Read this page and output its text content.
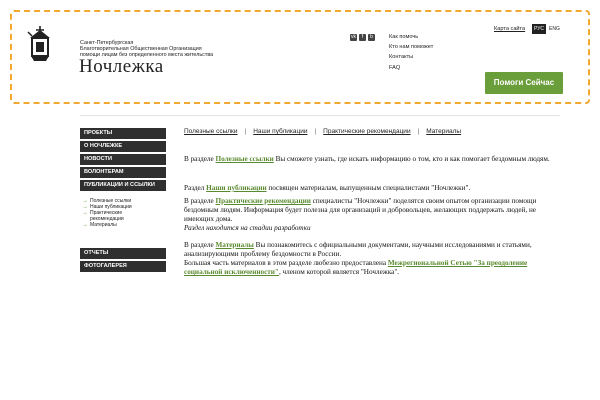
Санкт-Петербургская
Благотворительная Общественная Организация
помощи лицам без определенного места жительства
Ночлежка
vk	f	b	Как помочь
Кто нам поможет
Контакты
FAQ
Карта сайта	РУС	ENG
Помоги Сейчас
ПРОЕКТЫ
О НОЧЛЕЖКЕ
НОВОСТИ
ВОЛОНТЕРАМ
ПУБЛИКАЦИИ И ССЫЛКИ
→ Полезные ссылки
→ Наши публикации
→ Практические рекомендации
→ Материалы
ОТЧЕТЫ
ФОТОГАЛЕРЕЯ
Полезные ссылки | Наши публикации | Практические рекомендации | Материалы
В разделе Полезные ссылки Вы сможете узнать, где искать информацию о том, кто и как помогает бездомным людям.
Раздел Наши публикации посвящен материалам, выпущенным специалистами "Ночлежки".
В разделе Практические рекомендации специалисты "Ночлежки" поделятся своим опытом организации помощи бездомным людям. Информация будет полезна для организаций и добровольцев, желающих поддержать людей, не имеющих дома.
Раздел находится на стадии разработки
В разделе Материалы Вы познакомитесь с официальными документами, научными исследованиями и статьями, анализирующими проблему бездомности в России.
Большая часть материалов в этом разделе любезно предоставлена Межрегиональной Сетью "За преодоление социальной исключенности", членом которой является "Ночлежка".
